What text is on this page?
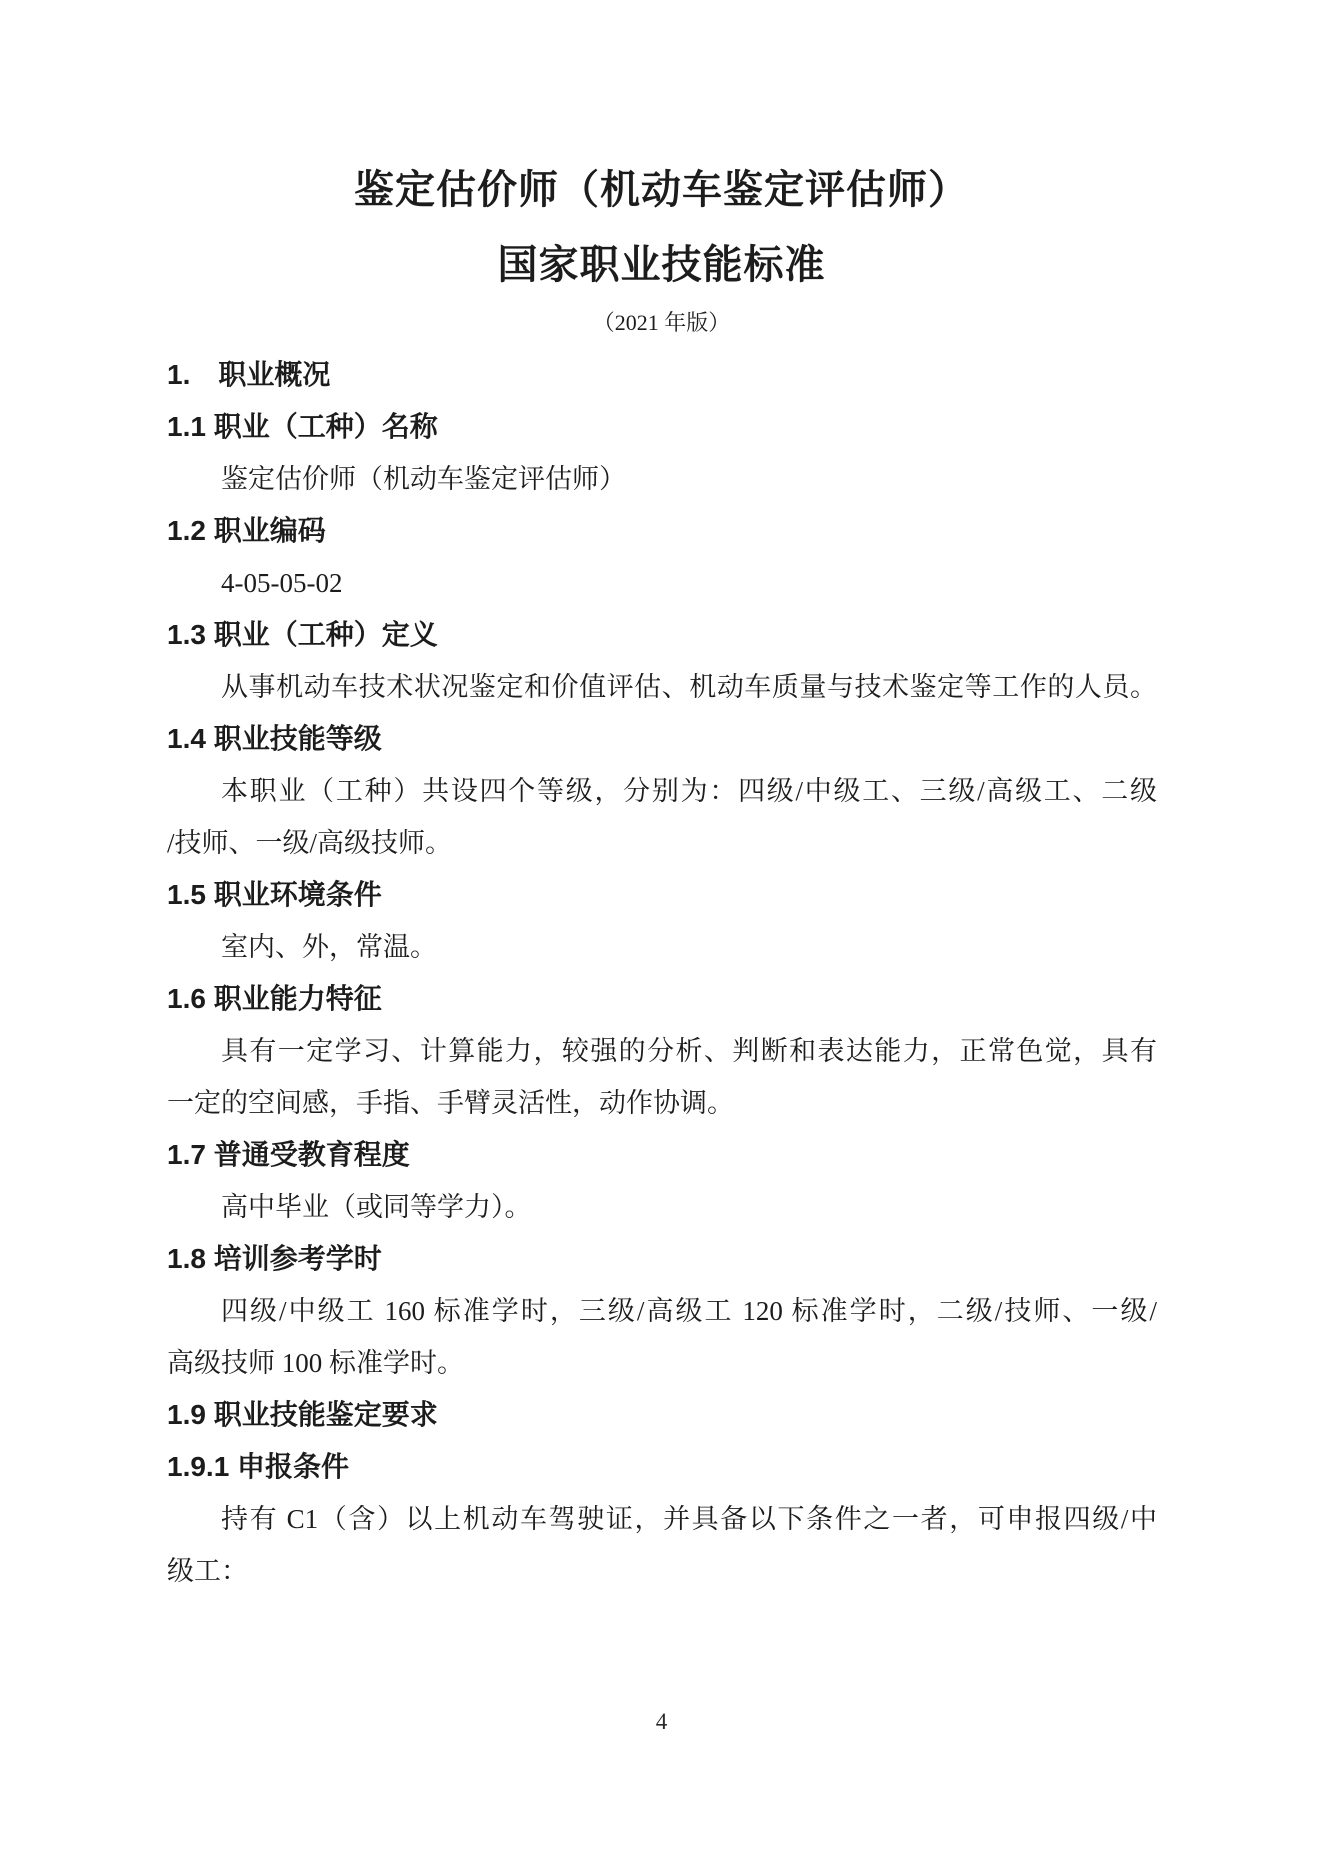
鉴定估价师（机动车鉴定评估师）
国家职业技能标准
（2021 年版）
1.　职业概况
1.1 职业（工种）名称
鉴定估价师（机动车鉴定评估师）
1.2 职业编码
4-05-05-02
1.3 职业（工种）定义
从事机动车技术状况鉴定和价值评估、机动车质量与技术鉴定等工作的人员。
1.4 职业技能等级
本职业（工种）共设四个等级，分别为：四级/中级工、三级/高级工、二级
/技师、一级/高级技师。
1.5 职业环境条件
室内、外，常温。
1.6 职业能力特征
具有一定学习、计算能力，较强的分析、判断和表达能力，正常色觉，具有
一定的空间感，手指、手臂灵活性，动作协调。
1.7 普通受教育程度
高中毕业（或同等学力）。
1.8 培训参考学时
四级/中级工 160 标准学时，三级/高级工 120 标准学时，二级/技师、一级/
高级技师 100 标准学时。
1.9 职业技能鉴定要求
1.9.1 申报条件
持有 C1（含）以上机动车驾驶证，并具备以下条件之一者，可申报四级/中
级工：
4
